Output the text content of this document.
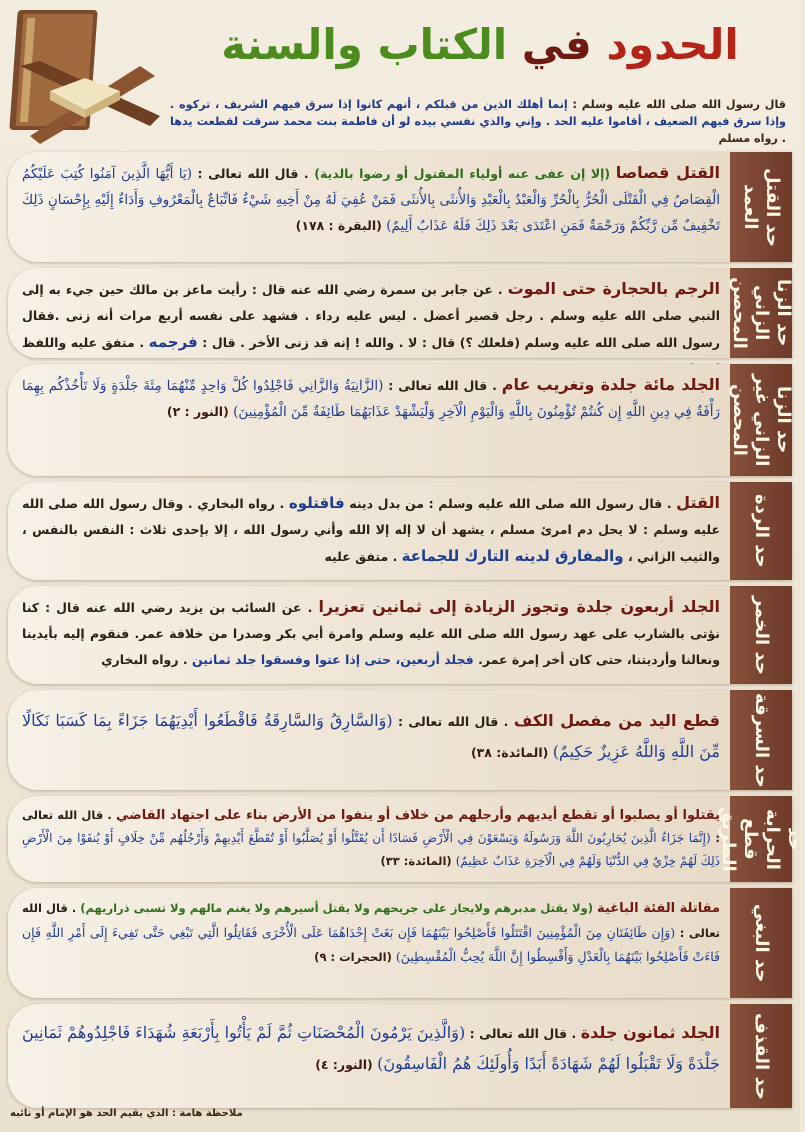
الحدود في الكتاب والسنة
قال رسول الله صلى الله عليه وسلم : إنما أهلك الذين من قبلكم ، أنهم كانوا إذا سرق فيهم الشريف ، تركوه . وإذا سرق فيهم الضعيف ، أقاموا عليه الحد . وإني والذي نفسي بيده لو أن فاطمة بنت محمد سرقت لقطعت يدها . رواه مسلم
حد القتل العمد
القتل قصاصا (إلا إن عفى عنه أولياء المقتول أو رضوا بالدية) . قال الله تعالى : (يَا أَيُّهَا الَّذِينَ آمَنُوا كُتِبَ عَلَيْكُمُ الْقِصَاصُ فِي الْقَتْلَى الْحُرُّ بِالْحُرِّ وَالْعَبْدُ بِالْعَبْدِ وَالأُنثَى بِالأُنثَى فَمَنْ عُفِيَ لَهُ مِنْ أَخِيهِ شَيْءٌ فَاتِّبَاعٌ بِالْمَعْرُوفِ وَأَدَاءٌ إِلَيْهِ بِإِحْسَانٍ ذَلِكَ تَخْفِيفٌ مِّن رَّبِّكُمْ وَرَحْمَةٌ فَمَنِ اعْتَدَى بَعْدَ ذَلِكَ فَلَهُ عَذَابٌ أَلِيمٌ) (البقرة : ١٧٨)
حد الزنا الزاني المحصن
الرجم بالحجارة حتى الموت . عن جابر بن سمرة رضي الله عنه قال : رأيت ماعز بن مالك حين جيء به إلى النبي صلى الله عليه وسلم . رجل قصير أعضل . ليس عليه رداء . فشهد على نفسه أربع مرات أنه زنى .فقال رسول الله صلى الله عليه وسلم (فلعلك ؟) قال : لا . والله ! إنه قد زنى الأخر . قال : فرجمه . متفق عليه واللفظ
حد الزنا الزاني غير المحصن
الجلد مائة جلدة وتغريب عام . قال الله تعالى : (الزَّانِيَةُ وَالزَّانِي فَاجْلِدُوا كُلَّ وَاحِدٍ مِّنْهُمَا مِئَةَ جَلْدَةٍ وَلَا تَأْخُذْكُم بِهِمَا رَأْفَةٌ فِي دِينِ اللَّهِ إِن كُنتُمْ تُؤْمِنُونَ بِاللَّهِ وَالْيَوْمِ الْآخِرِ وَلْيَشْهَدْ عَذَابَهُمَا طَائِفَةٌ مِّنَ الْمُؤْمِنِينَ) (النور : ٢)
حد الردة
القتل . قال رسول الله صلى الله عليه وسلم : من بدل دينه فاقتلوه . رواه البخاري . وقال رسول الله صلى الله عليه وسلم : لا يحل دم امرئ مسلم ، يشهد أن لا إله إلا الله وأني رسول الله ، إلا بإحدى ثلاث : النفس بالنفس ، والثيب الزاني ، والمفارق لدينه التارك للجماعة . متفق عليه
حد الخمر
الجلد أربعون جلدة وتجوز الزيادة إلى ثمانين تعزيرا . عن السائب بن يزيد رضي الله عنه قال : كنا نؤتى بالشارب على عهد رسول الله صلى الله عليه وسلم وامرة أبي بكر وصدرا من خلافة عمر. فنقوم إليه بأيدينا ونعالنا وأرديتنا، حتى كان أخر إمرة عمر. فجلد أربعين، حتى إذا عتوا وفسقوا جلد ثمانين . رواه البخاري
حد السرقة
قطع اليد من مفصل الكف . قال الله تعالى : (وَالسَّارِقُ وَالسَّارِقَةُ فَاقْطَعُوا أَيْدِيَهُمَا جَزَاءً بِمَا كَسَبَا نَكَالًا مِّنَ اللَّهِ وَاللَّهُ عَزِيزٌ حَكِيمٌ) (المائدة: ٣٨)
حد الحرابة قطع الطريق
يقتلوا أو يصلبوا أو تقطع أيديهم وأرجلهم من خلاف أو ينفوا من الأرض بناء على اجتهاد القاضي . قال الله تعالى : (إِنَّمَا جَزَاءُ الَّذِينَ يُحَارِبُونَ اللَّهَ وَرَسُولَهُ وَيَسْعَوْنَ فِي الْأَرْضِ فَسَادًا أَن يُقَتَّلُوا أَوْ يُصَلَّبُوا أَوْ تُقَطَّعَ أَيْدِيهِمْ وَأَرْجُلُهُم مِّنْ خِلَافٍ أَوْ يُنفَوْا مِنَ الْأَرْضِ ذَلِكَ لَهُمْ خِزْيٌ فِي الدُّنْيَا وَلَهُمْ فِي الْآخِرَةِ عَذَابٌ عَظِيمٌ) (المائدة: ٣٣)
حد البغي
مقاتلة الفئة الباغية (ولا يقتل مدبرهم ولايجاز على جريحهم ولا يقتل أسيرهم ولا يغنم مالهم ولا تسبى ذراريهم) . قال الله تعالى : (وَإِن طَائِفَتَانِ مِنَ الْمُؤْمِنِينَ اقْتَتَلُوا فَأَصْلِحُوا بَيْنَهُمَا فَإِن بَغَتْ إِحْدَاهُمَا عَلَى الْأُخْرَى فَقَاتِلُوا الَّتِي تَبْغِي حَتَّى تَفِيءَ إِلَى أَمْرِ اللَّهِ فَإِن فَاءَتْ فَأَصْلِحُوا بَيْنَهُمَا بِالْعَدْلِ وَأَقْسِطُوا إِنَّ اللَّهَ يُحِبُّ الْمُقْسِطِينَ) (الحجرات : ٩)
حد القذف
الجلد ثمانون جلدة . قال الله تعالى : (وَالَّذِينَ يَرْمُونَ الْمُحْصَنَاتِ ثُمَّ لَمْ يَأْتُوا بِأَرْبَعَةِ شُهَدَاءَ فَاجْلِدُوهُمْ ثَمَانِينَ جَلْدَةً وَلَا تَقْبَلُوا لَهُمْ شَهَادَةً أَبَدًا وَأُولَئِكَ هُمُ الْفَاسِقُونَ) (النور: ٤)
ملاحظة هامة : الذي يقيم الحد هو الإمام أو نائبه
